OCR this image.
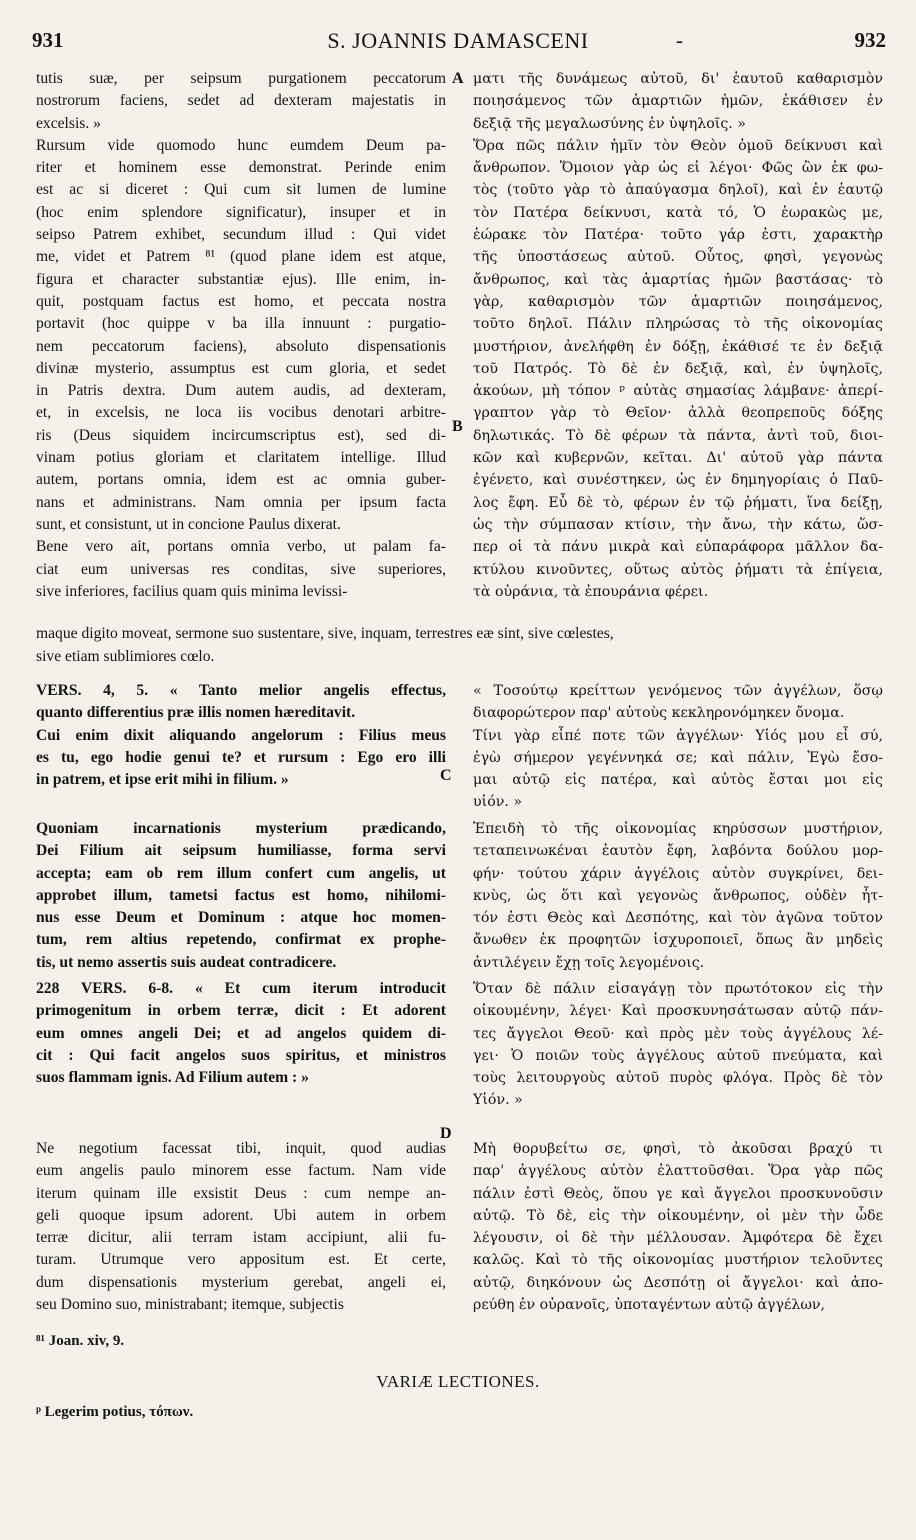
931	S. JOANNIS DAMASCENI	-	932
A
B
C
D
tutis suæ, per seipsum purgationem peccatorum
nostrorum faciens, sedet ad dexteram majestatis in
excelsis. »
Rursum vide quomodo hunc eumdem Deum pa-
riter et hominem esse demonstrat. Perinde enim
est ac si diceret : Qui cum sit lumen de lumine
(hoc enim splendore significatur), insuper et in
seipso Patrem exhibet, secundum illud : Qui videt
me, videt et Patrem ⁸¹ (quod plane idem est atque,
figura et character substantiæ ejus). Ille enim, in-
quit, postquam factus est homo, et peccata nostra
portavit (hoc quippe v ba illa innuunt : purgatio-
nem peccatorum faciens), absoluto dispensationis
divinæ mysterio, assumptus est cum gloria, et sedet
in Patris dextra. Dum autem audis, ad dexteram,
et, in excelsis, ne loca iis vocibus denotari arbitre-
ris (Deus siquidem incircumscriptus est), sed di-
vinam potius gloriam et claritatem intellige. Illud
autem, portans omnia, idem est ac omnia guber-
nans et administrans. Nam omnia per ipsum facta
sunt, et consistunt, ut in concione Paulus dixerat.
Bene vero ait, portans omnia verbo, ut palam fa-
ciat eum universas res conditas, sive superiores,
sive inferiores, facilius quam quis minima levissi-
ματι τῆς δυνάμεως αὐτοῦ, δι' ἑαυτοῦ καθαρισμὸν
ποιησάμενος τῶν ἁμαρτιῶν ἡμῶν, ἐκάθισεν ἐν
δεξιᾷ τῆς μεγαλωσύνης ἐν ὑψηλοῖς. »
Ὅρα πῶς πάλιν ἡμῖν τὸν Θεὸν ὁμοῦ δείκνυσι καὶ
ἄνθρωπον. Ὅμοιον γὰρ ὡς εἰ λέγοι· Φῶς ὢν ἐκ φω-
τὸς (τοῦτο γὰρ τὸ ἀπαύγασμα δηλοῖ), καὶ ἐν ἑαυτῷ
τὸν Πατέρα δείκνυσι, κατὰ τό, Ὁ ἑωρακὼς με,
ἑώρακε τὸν Πατέρα· τοῦτο γάρ ἐστι, χαρακτὴρ
τῆς ὑποστάσεως αὐτοῦ. Οὗτος, φησὶ, γεγονὼς
ἄνθρωπος, καὶ τὰς ἁμαρτίας ἡμῶν βαστάσας· τὸ
γὰρ, καθαρισμὸν τῶν ἁμαρτιῶν ποιησάμενος,
τοῦτο δηλοῖ. Πάλιν πληρώσας τὸ τῆς οἰκονομίας
μυστήριον, ἀνελήφθη ἐν δόξῃ, ἐκάθισέ τε ἐν δεξιᾷ
τοῦ Πατρός. Τὸ δὲ ἐν δεξιᾷ, καὶ, ἐν ὑψηλοῖς,
ἀκούων, μὴ τόπον ᵖ αὐτὰς σημασίας λάμβανε· ἀπερί-
γραπτον γὰρ τὸ Θεῖον· ἀλλὰ θεοπρεποῦς δόξης
δηλωτικάς. Τὸ δὲ φέρων τὰ πάντα, ἀντὶ τοῦ, διοι-
κῶν καὶ κυβερνῶν, κεῖται. Δι' αὐτοῦ γὰρ πάντα
ἐγένετο, καὶ συνέστηκεν, ὡς ἐν δημηγορίαις ὁ Παῦ-
λος ἔφη. Εὖ δὲ τὸ, φέρων ἐν τῷ ῥήματι, ἵνα δείξῃ,
ὡς τὴν σύμπασαν κτίσιν, τὴν ἄνω, τὴν κάτω, ὥσ-
περ οἱ τὰ πάνυ μικρὰ καὶ εὐπαράφορα μᾶλλον δα-
κτύλου κινοῦντες, οὕτως αὐτὸς ῥήματι τὰ ἐπίγεια,
τὰ οὐράνια, τὰ ἐπουράνια φέρει.
maque digito moveat, sermone suo sustentare, sive, inquam, terrestres eæ sint, sive cœlestes,
sive etiam sublimiores cœlo.
VERS. 4, 5. « Tanto melior angelis effectus,
quanto differentius præ illis nomen hæreditavit.
Cui enim dixit aliquando angelorum : Filius meus
es tu, ego hodie genui te? et rursum : Ego ero illi
in patrem, et ipse erit mihi in filium. »
« Τοσούτῳ κρείττων γενόμενος τῶν ἀγγέλων, ὅσῳ
διαφορώτερον παρ' αὐτοὺς κεκληρονόμηκεν ὄνομα.
Τίνι γὰρ εἶπέ ποτε τῶν ἀγγέλων· Υἱός μου εἶ σύ,
ἐγὼ σήμερον γεγέννηκά σε; καὶ πάλιν, Ἐγὼ ἔσο-
μαι αὐτῷ εἰς πατέρα, καὶ αὐτὸς ἔσται μοι εἰς
υἱόν. »
Quoniam incarnationis mysterium prædicando,
Dei Filium ait seipsum humiliasse, forma servi
accepta; eam ob rem illum confert cum angelis, ut
approbet illum, tametsi factus est homo, nihilomi-
nus esse Deum et Dominum : atque hoc momen-
tum, rem altius repetendo, confirmat ex prophe-
tis, ut nemo assertis suis audeat contradicere.
Ἐπειδὴ τὸ τῆς οἰκονομίας κηρύσσων μυστήριον,
τεταπεινωκέναι ἑαυτὸν ἔφη, λαβόντα δούλου μορ-
φήν· τούτου χάριν ἀγγέλοις αὐτὸν συγκρίνει, δει-
κνὺς, ὡς ὅτι καὶ γεγονὼς ἄνθρωπος, οὐδὲν ἧτ-
τόν ἐστι Θεὸς καὶ Δεσπότης, καὶ τὸν ἀγῶνα τοῦτον
ἄνωθεν ἐκ προφητῶν ἰσχυροποιεῖ, ὅπως ἂν μηδεὶς
ἀντιλέγειν ἔχῃ τοῖς λεγομένοις.
228 VERS. 6-8. « Et cum iterum introducit
primogenitum in orbem terræ, dicit : Et adorent
eum omnes angeli Dei; et ad angelos quidem di-
cit : Qui facit angelos suos spiritus, et ministros
suos flammam ignis. Ad Filium autem : »
Ὅταν δὲ πάλιν εἰσαγάγῃ τὸν πρωτότοκον εἰς τὴν
οἰκουμένην, λέγει· Καὶ προσκυνησάτωσαν αὐτῷ πάν-
τες ἄγγελοι Θεοῦ· καὶ πρὸς μὲν τοὺς ἀγγέλους λέ-
γει· Ὁ ποιῶν τοὺς ἀγγέλους αὐτοῦ πνεύματα, καὶ
τοὺς λειτουργοὺς αὐτοῦ πυρὸς φλόγα. Πρὸς δὲ τὸν
Υἱόν. »
Ne negotium facessat tibi, inquit, quod audias
eum angelis paulo minorem esse factum. Nam vide
iterum quinam ille exsistit Deus : cum nempe an-
geli quoque ipsum adorent. Ubi autem in orbem
terræ dicitur, alii terram istam accipiunt, alii fu-
turam. Utrumque vero appositum est. Et certe,
dum dispensationis mysterium gerebat, angeli ei,
seu Domino suo, ministrabant; itemque, subjectis
Μὴ θορυβείτω σε, φησὶ, τὸ ἀκοῦσαι βραχύ τι
παρ' ἀγγέλους αὐτὸν ἐλαττοῦσθαι. Ὅρα γὰρ πῶς
πάλιν ἐστὶ Θεὸς, ὅπου γε καὶ ἄγγελοι προσκυνοῦσιν
αὐτῷ. Τὸ δὲ, εἰς τὴν οἰκουμένην, οἱ μὲν τὴν ὧδε
λέγουσιν, οἱ δὲ τὴν μέλλουσαν. Ἀμφότερα δὲ ἔχει
καλῶς. Καὶ τὸ τῆς οἰκονομίας μυστήριον τελοῦντες
αὐτῷ, διηκόνουν ὡς Δεσπότῃ οἱ ἄγγελοι· καὶ ἀπο-
ρεύθη ἐν οὐρανοῖς, ὑποταγέντων αὐτῷ ἀγγέλων,
⁸¹ Joan. xiv, 9.
VARIÆ LECTIONES.
ᵖ Legerim potius, τόπων.
